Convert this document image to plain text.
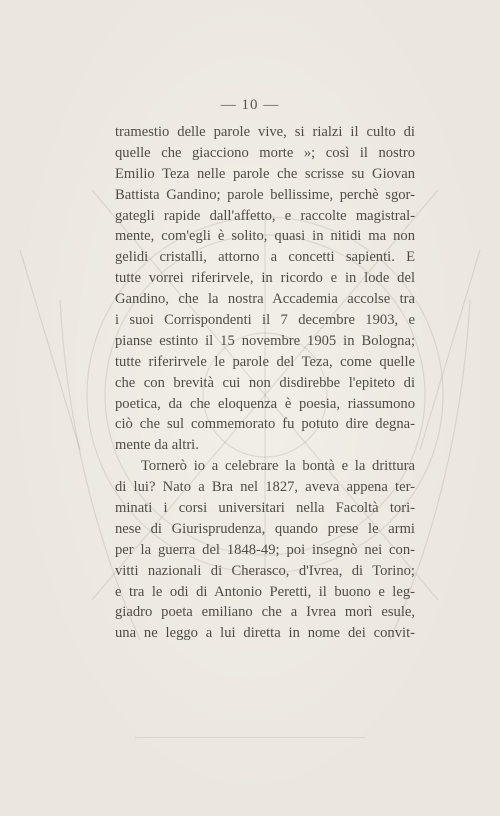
— 10 —
tramestio delle parole vive, si rialzi il culto di
quelle che giacciono morte »; così il nostro
Emilio Teza nelle parole che scrisse su Giovan
Battista Gandino; parole bellissime, perchè sgor-
gategli rapide dall'affetto, e raccolte magistral-
mente, com'egli è solito, quasi in nitidi ma non
gelidi cristalli, attorno a concetti sapienti. E
tutte vorrei riferirvele, in ricordo e in lode del
Gandino, che la nostra Accademia accolse tra
i suoi Corrispondenti il 7 decembre 1903, e
pianse estinto il 15 novembre 1905 in Bologna;
tutte riferirvele le parole del Teza, come quelle
che con brevità cui non disdirebbe l'epiteto di
poetica, da che eloquenza è poesia, riassumono
ciò che sul commemorato fu potuto dire degna-
mente da altri.
Tornerò io a celebrare la bontà e la drittura
di lui? Nato a Bra nel 1827, aveva appena ter-
minati i corsi universitari nella Facoltà tori-
nese di Giurisprudenza, quando prese le armi
per la guerra del 1848-49; poi insegnò nei con-
vitti nazionali di Cherasco, d'Ivrea, di Torino;
e tra le odi di Antonio Peretti, il buono e leg-
giadro poeta emiliano che a Ivrea morì esule,
una ne leggo a lui diretta in nome dei convit-
